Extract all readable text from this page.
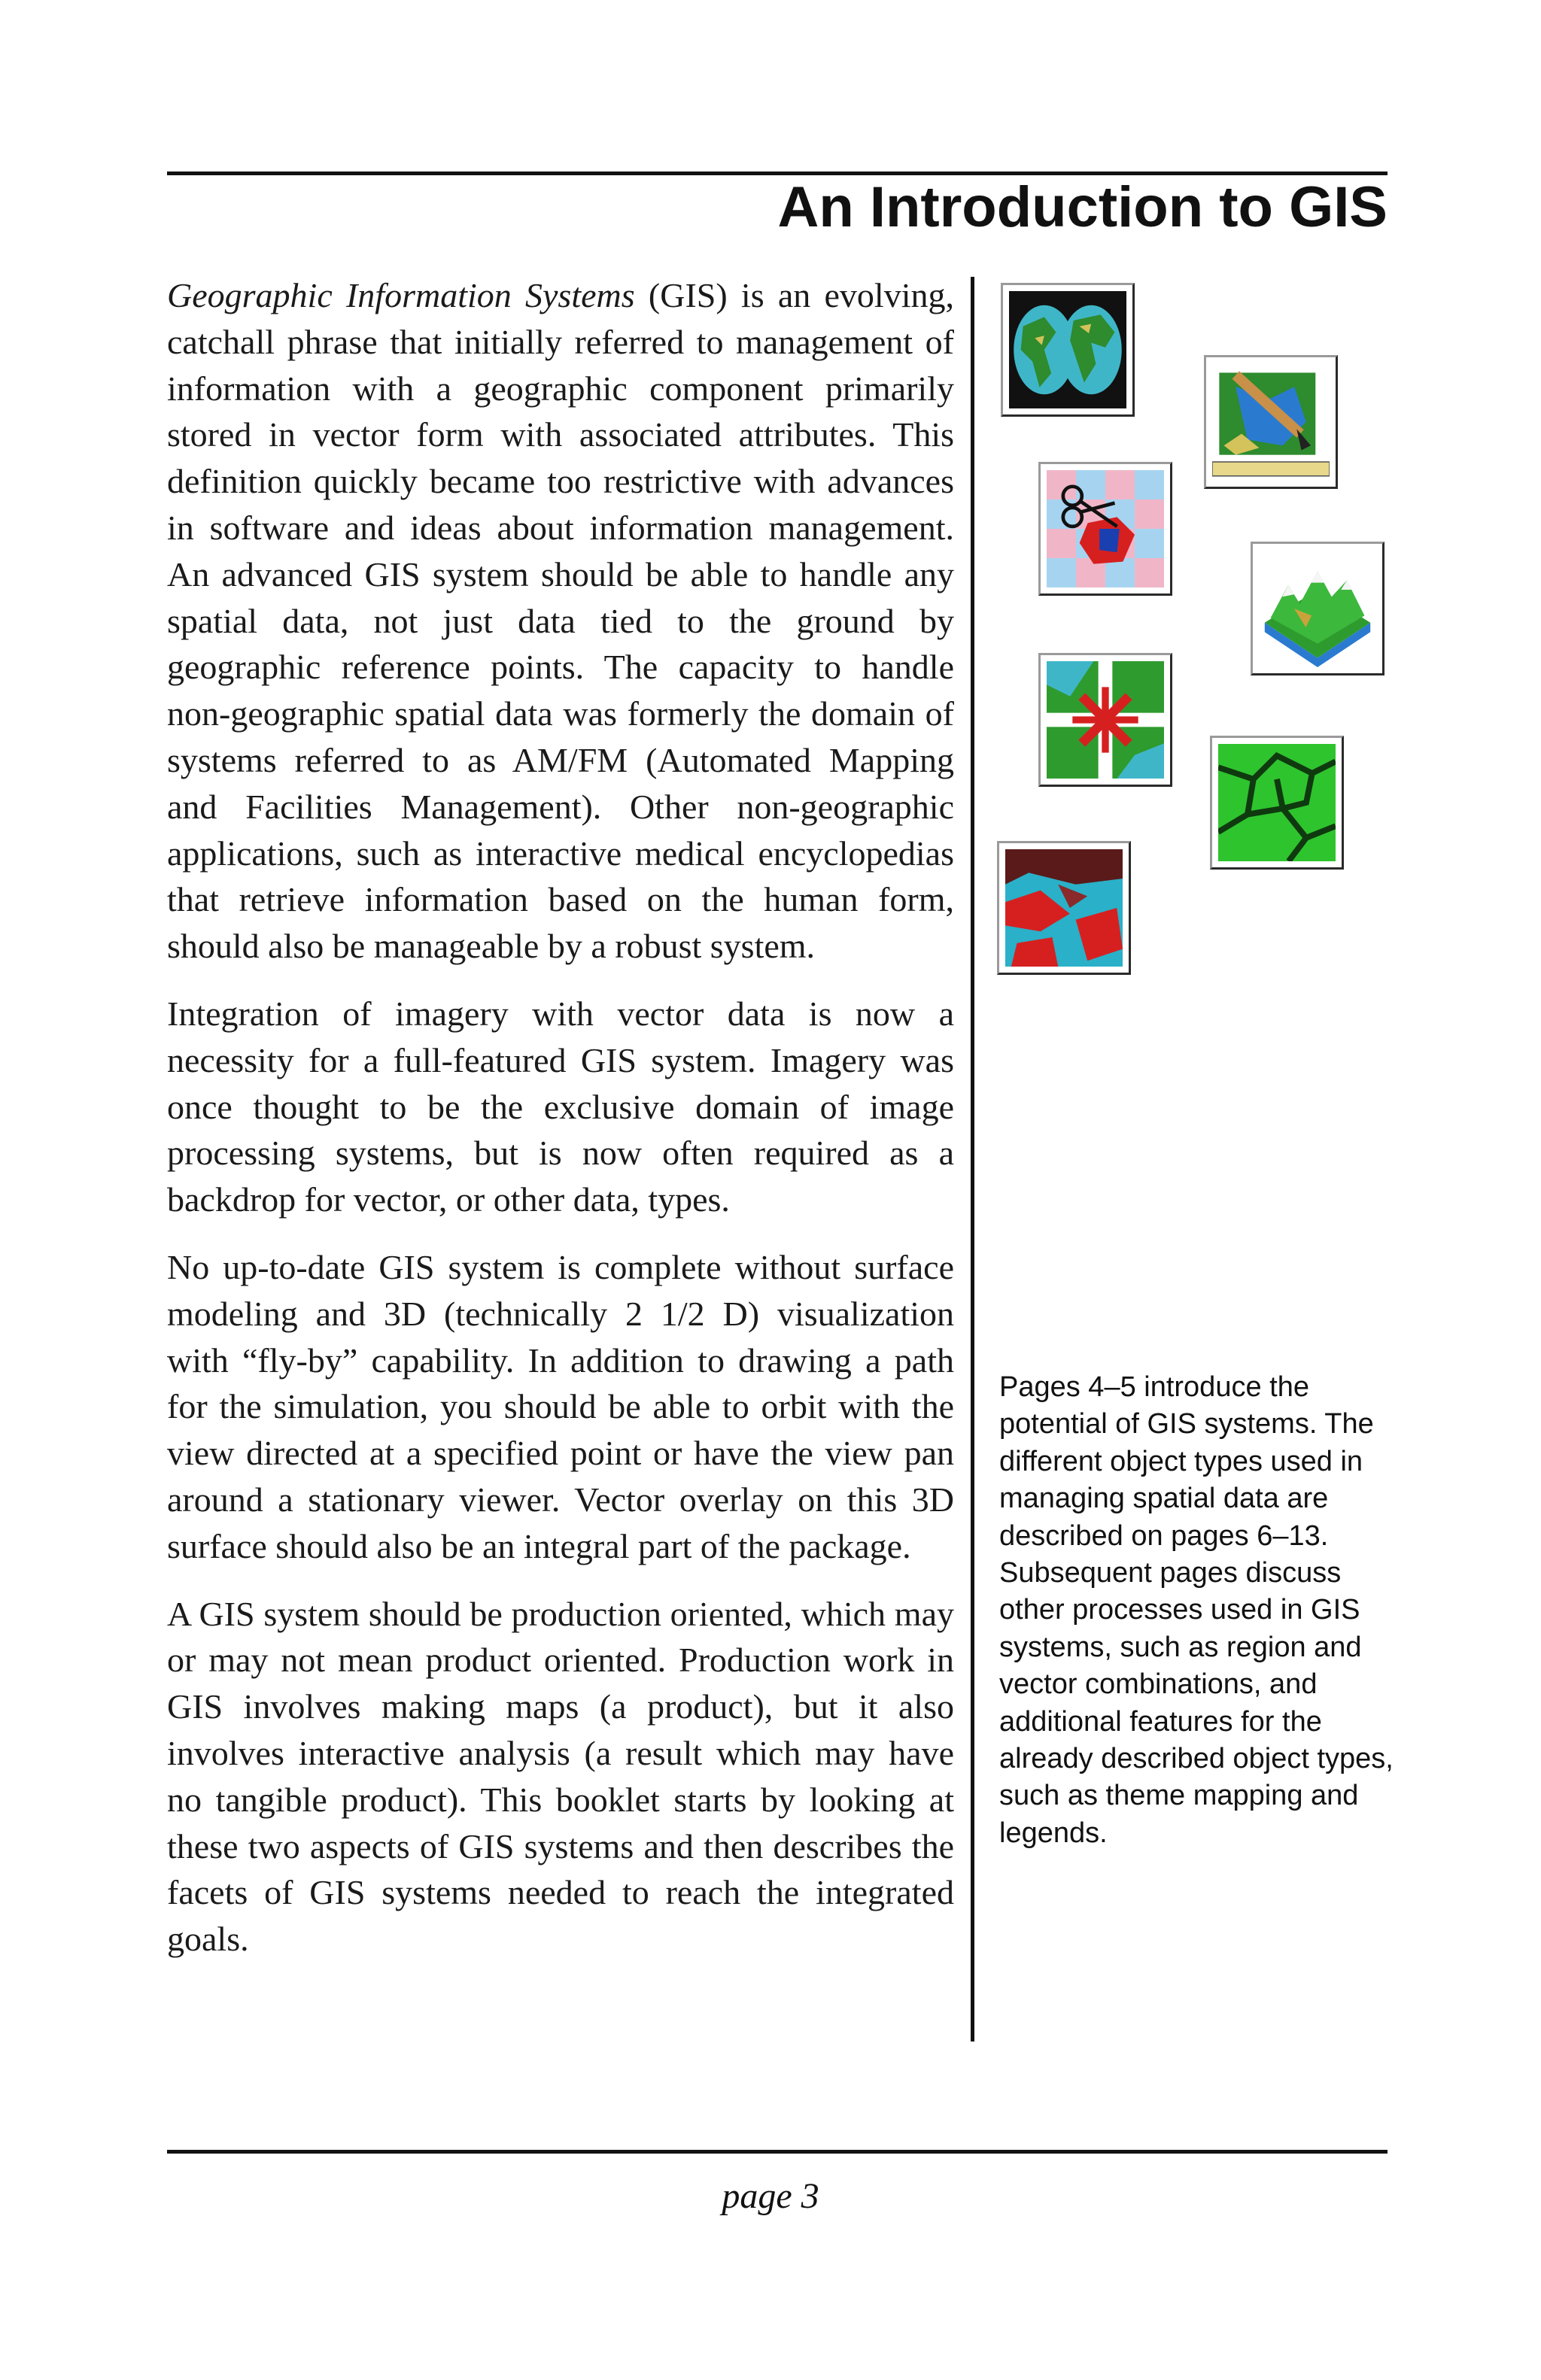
An Introduction to GIS

Geographic Information Systems (GIS) is an evolving, catchall phrase that initially referred to management of information with a geographic component primarily stored in vector form with associated attributes. This definition quickly became too restrictive with advances in software and ideas about information management. An advanced GIS system should be able to handle any spatial data, not just data tied to the ground by geographic reference points. The capacity to handle non-geographic spatial data was formerly the domain of systems referred to as AM/FM (Automated Mapping and Facilities Management). Other non-geographic applications, such as interactive medical encyclopedias that retrieve information based on the human form, should also be manageable by a robust system.

Integration of imagery with vector data is now a necessity for a full-featured GIS system. Imagery was once thought to be the exclusive domain of image processing systems, but is now often required as a backdrop for vector, or other data, types.

No up-to-date GIS system is complete without surface modeling and 3D (technically 2 1/2 D) visualization with “fly-by” capability. In addition to drawing a path for the simulation, you should be able to orbit with the view directed at a specified point or have the view pan around a stationary viewer. Vector overlay on this 3D surface should also be an integral part of the package.

A GIS system should be production oriented, which may or may not mean product oriented. Production work in GIS involves making maps (a product), but it also involves interactive analysis (a result which may have no tangible product). This booklet starts by looking at these two aspects of GIS systems and then describes the facets of GIS systems needed to reach the integrated goals.

Pages 4–5 introduce the potential of GIS systems. The different object types used in managing spatial data are described on pages 6–13. Subsequent pages discuss other processes used in GIS systems, such as region and vector combinations, and additional features for the already described object types, such as theme mapping and legends.

page 3
